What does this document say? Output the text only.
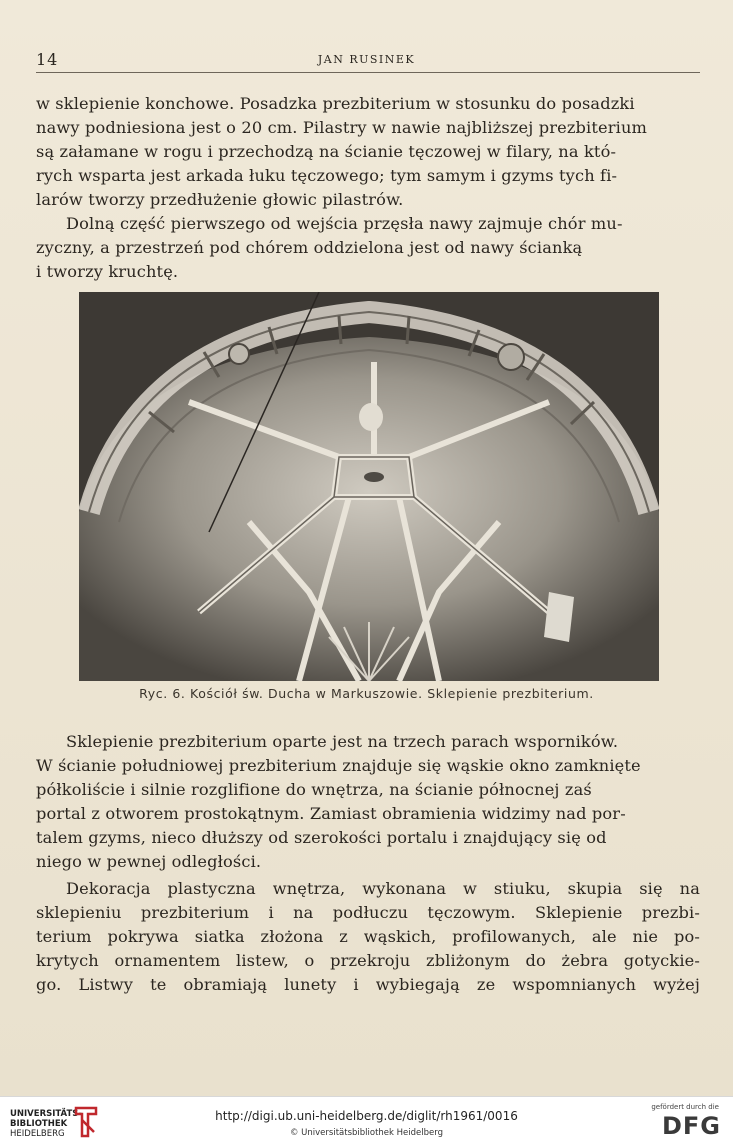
14	JAN RUSINEK

w sklepienie konchowe. Posadzka prezbiterium w stosunku do posadzki
nawy podniesiona jest o 20 cm. Pilastry w nawie najbliższej prezbiterium
są załamane w rogu i przechodzą na ścianie tęczowej w filary, na któ-
rych wsparta jest arkada łuku tęczowego; tym samym i gzyms tych fi-
larów tworzy przedłużenie głowic pilastrów.

Dolną część pierwszego od wejścia przęsła nawy zajmuje chór mu-
zyczny, a przestrzeń pod chórem oddzielona jest od nawy ścianką
i tworzy kruchtę.

Ryc. 6. Kościół św. Ducha w Markuszowie. Sklepienie prezbiterium.

Sklepienie prezbiterium oparte jest na trzech parach wsporników.
W ścianie południowej prezbiterium znajduje się wąskie okno zamknięte
półkoliście i silnie rozglifione do wnętrza, na ścianie północnej zaś
portal z otworem prostokątnym. Zamiast obramienia widzimy nad por-
talem gzyms, nieco dłuższy od szerokości portalu i znajdujący się od
niego w pewnej odległości.

Dekoracja plastyczna wnętrza, wykonana w stiuku, skupia się na
sklepieniu prezbiterium i na podłuczu tęczowym. Sklepienie prezbi-
terium pokrywa siatka złożona z wąskich, profilowanych, ale nie po-
krytych ornamentem listew, o przekroju zbliżonym do żebra gotyckie-
go. Listwy te obramiają lunety i wybiegają ze wspomnianych wyżej

UNIVERSITÄTS-
BIBLIOTHEK
HEIDELBERG
http://digi.ub.uni-heidelberg.de/diglit/rh1961/0016
© Universitätsbibliothek Heidelberg
gefördert durch die
DFG
